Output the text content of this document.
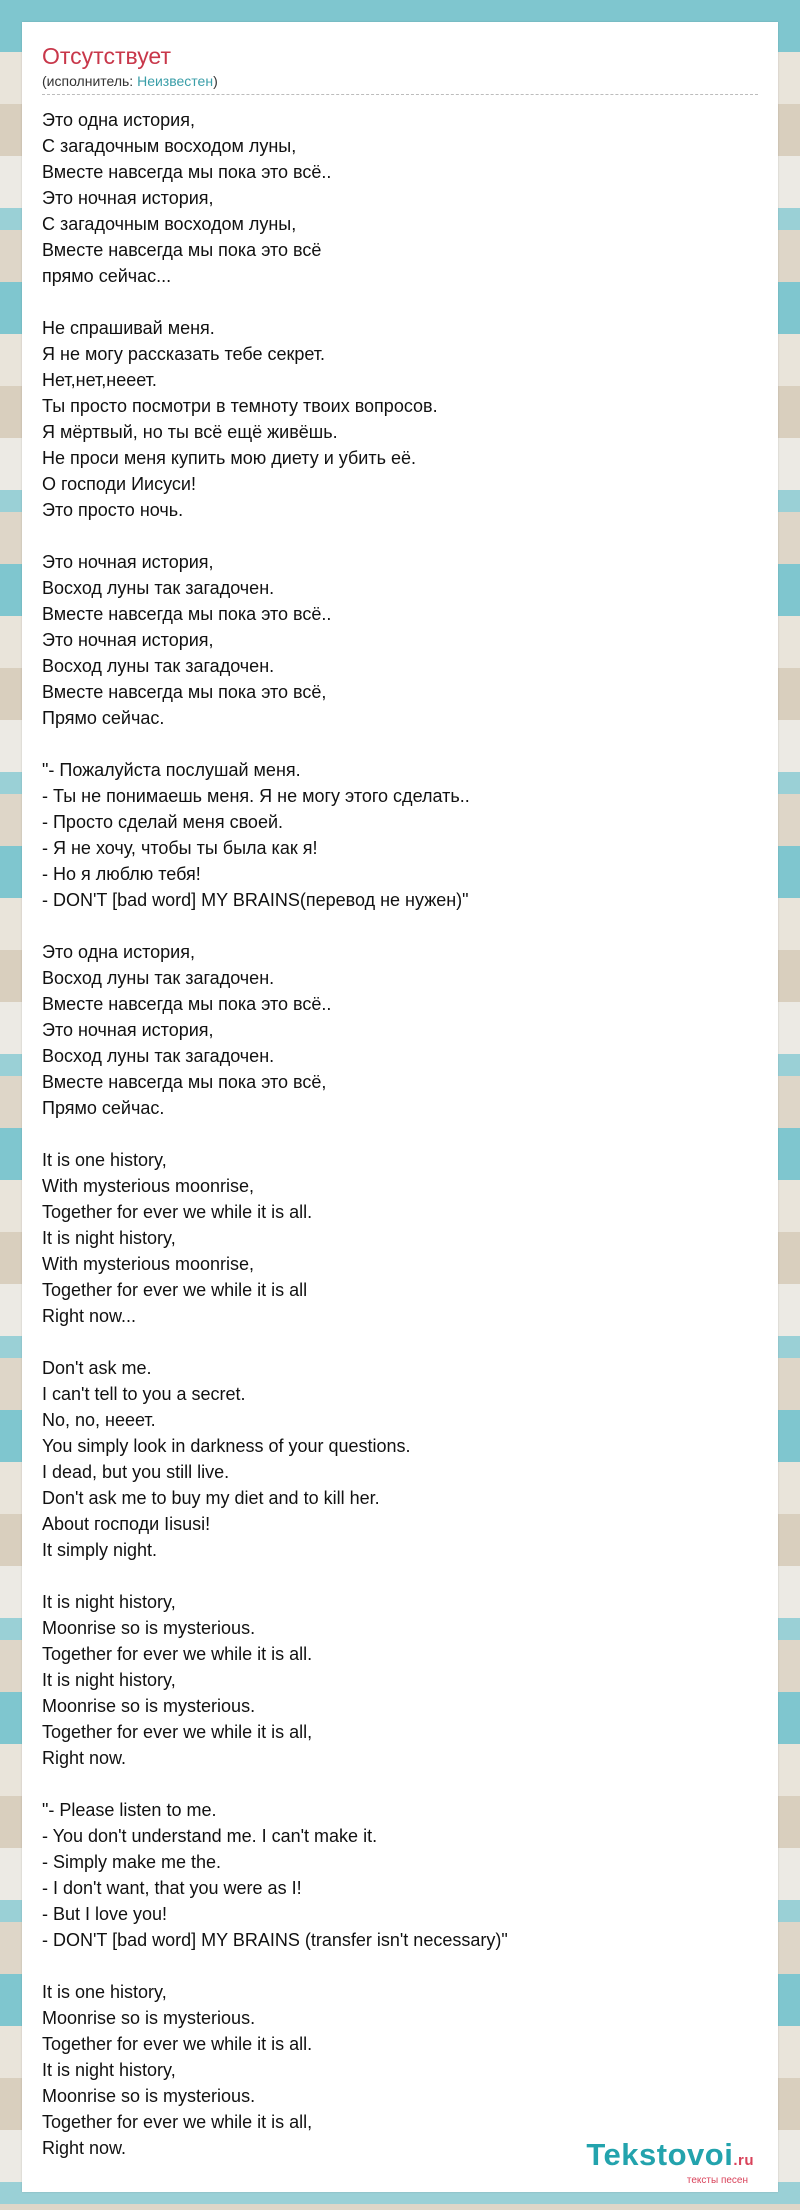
Отсутствует
(исполнитель: Неизвестен)
Это одна история,
С загадочным восходом луны,
Вместе навсегда мы пока это всё..
Это ночная история,
С загадочным восходом луны,
Вместе навсегда мы пока это всё
прямо сейчас...
Не спрашивай меня.
Я не могу рассказать тебе секрет.
Нет,нет,нееет.
Ты просто посмотри в темноту твоих вопросов.
Я мёртвый, но ты всё ещё живёшь.
Не проси меня купить мою диету и убить её.
О господи Иисуси!
Это просто ночь.
Это ночная история,
Восход луны так загадочен.
Вместе навсегда мы пока это всё..
Это ночная история,
Восход луны так загадочен.
Вместе навсегда мы пока это всё,
Прямо сейчас.
"- Пожалуйста послушай меня.
- Ты не понимаешь меня. Я не могу этого сделать..
- Просто сделай меня своей.
- Я не хочу, чтобы ты была как я!
- Но я люблю тебя!
- DON'T [bad word] MY BRAINS(перевод не нужен)"
Это одна история,
Восход луны так загадочен.
Вместе навсегда мы пока это всё..
Это ночная история,
Восход луны так загадочен.
Вместе навсегда мы пока это всё,
Прямо сейчас.
It is one history,
With mysterious moonrise,
Together for ever we while it is all.
It is night history,
With mysterious moonrise,
Together for ever we while it is all
Right now...
Don't ask me.
I can't tell to you a secret.
No, no, нееет.
You simply look in darkness of your questions.
I dead, but you still live.
Don't ask me to buy my diet and to kill her.
About господи Iisusi!
It simply night.
It is night history,
Moonrise so is mysterious.
Together for ever we while it is all.
It is night history,
Moonrise so is mysterious.
Together for ever we while it is all,
Right now.
"- Please listen to me.
- You don't understand me. I can't make it.
- Simply make me the.
- I don't want, that you were as I!
- But I love you!
- DON'T [bad word] MY BRAINS (transfer isn't necessary)"
It is one history,
Moonrise so is mysterious.
Together for ever we while it is all.
It is night history,
Moonrise so is mysterious.
Together for ever we while it is all,
Right now.	Tekstovoi.ru
тексты песен
